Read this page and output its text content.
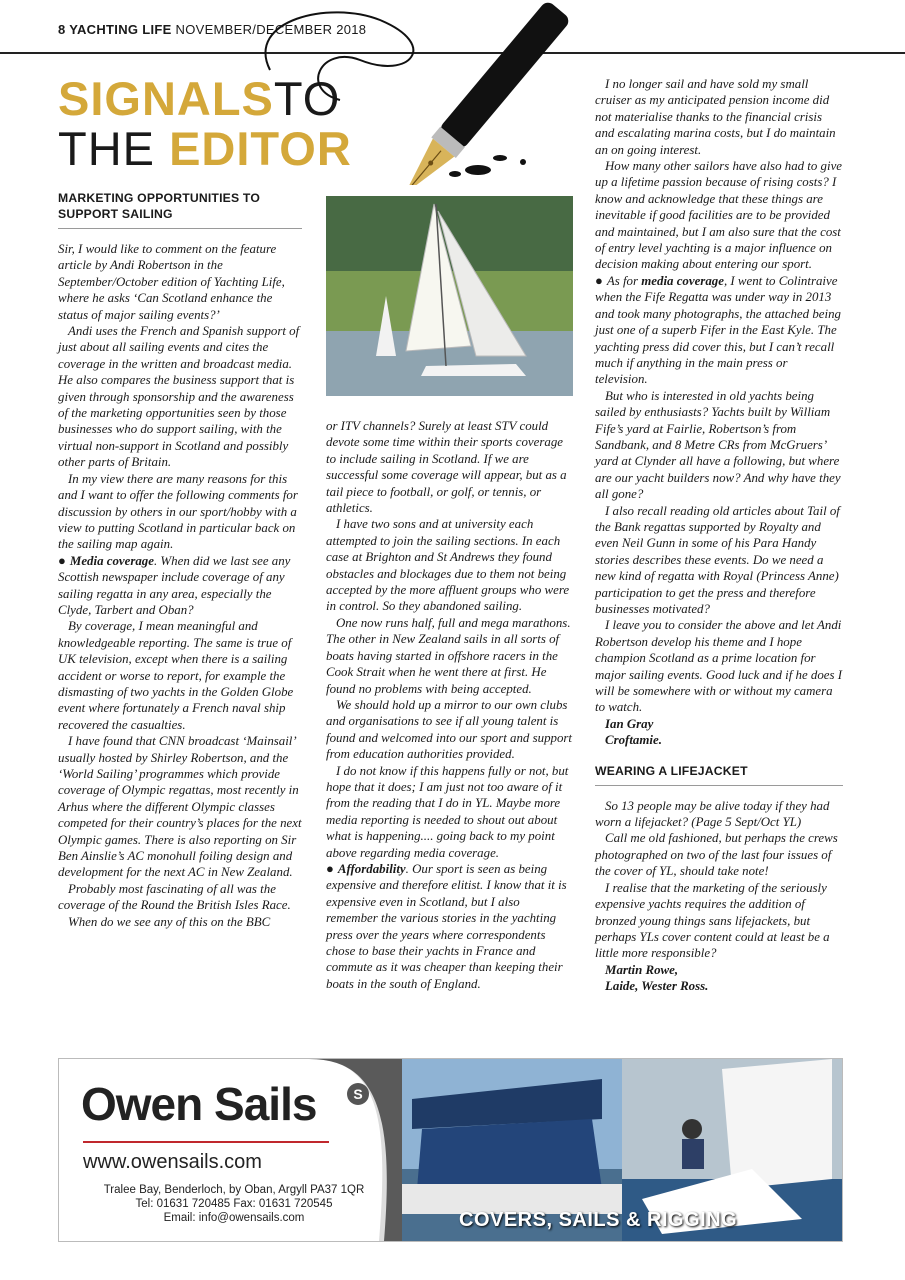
8 YACHTING LIFE NOVEMBER/DECEMBER 2018
SIGNALSTO
THE EDITOR
MARKETING OPPORTUNITIES TO SUPPORT SAILING

Sir, I would like to comment on the feature article by Andi Robertson in the September/October edition of Yachting Life, where he asks ‘Can Scotland enhance the status of major sailing events?’

Andi uses the French and Spanish support of just about all sailing events and cites the coverage in the written and broadcast media. He also compares the business support that is given through sponsorship and the awareness of the marketing opportunities seen by those businesses who do support sailing, with the virtual non-support in Scotland and possibly other parts of Britain.

In my view there are many reasons for this and I want to offer the following comments for discussion by others in our sport/hobby with a view to putting Scotland in particular back on the sailing map again.

● Media coverage. When did we last see any Scottish newspaper include coverage of any sailing regatta in any area, especially the Clyde, Tarbert and Oban?

By coverage, I mean meaningful and knowledgeable reporting. The same is true of UK television, except when there is a sailing accident or worse to report, for example the dismasting of two yachts in the Golden Globe event where fortunately a French naval ship recovered the casualties.

I have found that CNN broadcast ‘Mainsail’ usually hosted by Shirley Robertson, and the ‘World Sailing’ programmes which provide coverage of Olympic regattas, most recently in Arhus where the different Olympic classes competed for their country’s places for the next Olympic games. There is also reporting on Sir Ben Ainslie’s AC monohull foiling design and development for the next AC in New Zealand.

Probably most fascinating of all was the coverage of the Round the British Isles Race.

When do we see any of this on the BBC

or ITV channels? Surely at least STV could devote some time within their sports coverage to include sailing in Scotland. If we are successful some coverage will appear, but as a tail piece to football, or golf, or tennis, or athletics.

I have two sons and at university each attempted to join the sailing sections. In each case at Brighton and St Andrews they found obstacles and blockages due to them not being accepted by the more affluent groups who were in control. So they abandoned sailing.

One now runs half, full and mega marathons. The other in New Zealand sails in all sorts of boats having started in offshore racers in the Cook Strait when he went there at first. He found no problems with being accepted.

We should hold up a mirror to our own clubs and organisations to see if all young talent is found and welcomed into our sport and support from education authorities provided.

I do not know if this happens fully or not, but hope that it does; I am just not too aware of it from the reading that I do in YL. Maybe more media reporting is needed to shout out about what is happening.... going back to my point above regarding media coverage.

● Affordability. Our sport is seen as being expensive and therefore elitist. I know that it is expensive even in Scotland, but I also remember the various stories in the yachting press over the years where correspondents chose to base their yachts in France and commute as it was cheaper than keeping their boats in the south of England.

I no longer sail and have sold my small cruiser as my anticipated pension income did not materialise thanks to the financial crisis and escalating marina costs, but I do maintain an on going interest.

How many other sailors have also had to give up a lifetime passion because of rising costs? I know and acknowledge that these things are inevitable if good facilities are to be provided and maintained, but I am also sure that the cost of entry level yachting is a major influence on decision making about entering our sport.

● As for media coverage, I went to Colintraive when the Fife Regatta was under way in 2013 and took many photographs, the attached being just one of a superb Fifer in the East Kyle. The yachting press did cover this, but I can’t recall much if anything in the main press or television.

But who is interested in old yachts being sailed by enthusiasts? Yachts built by William Fife’s yard at Fairlie, Robertson’s from Sandbank, and 8 Metre CRs from McGruers’ yard at Clynder all have a following, but where are our yacht builders now? And why have they all gone?

I also recall reading old articles about Tail of the Bank regattas supported by Royalty and even Neil Gunn in some of his Para Handy stories describes these events. Do we need a new kind of regatta with Royal (Princess Anne) participation to get the press and therefore businesses motivated?

I leave you to consider the above and let Andi Robertson develop his theme and I hope champion Scotland as a prime location for major sailing events. Good luck and if he does I will be somewhere with or without my camera to watch.

Ian Gray
Croftamie.
WEARING A LIFEJACKET

So 13 people may be alive today if they had worn a lifejacket? (Page 5 Sept/Oct YL)

Call me old fashioned, but perhaps the crews photographed on two of the last four issues of the cover of YL, should take note!

I realise that the marketing of the seriously expensive yachts requires the addition of bronzed young things sans lifejackets, but perhaps YLs cover content could at least be a little more responsible?

Martin Rowe,
Laide, Wester Ross.
Owen Sails	S
www.owensails.com
Tralee Bay, Benderloch, by Oban, Argyll PA37 1QR
Tel: 01631 720485 Fax: 01631 720545
Email: info@owensails.com	COVERS, SAILS & RIGGING
